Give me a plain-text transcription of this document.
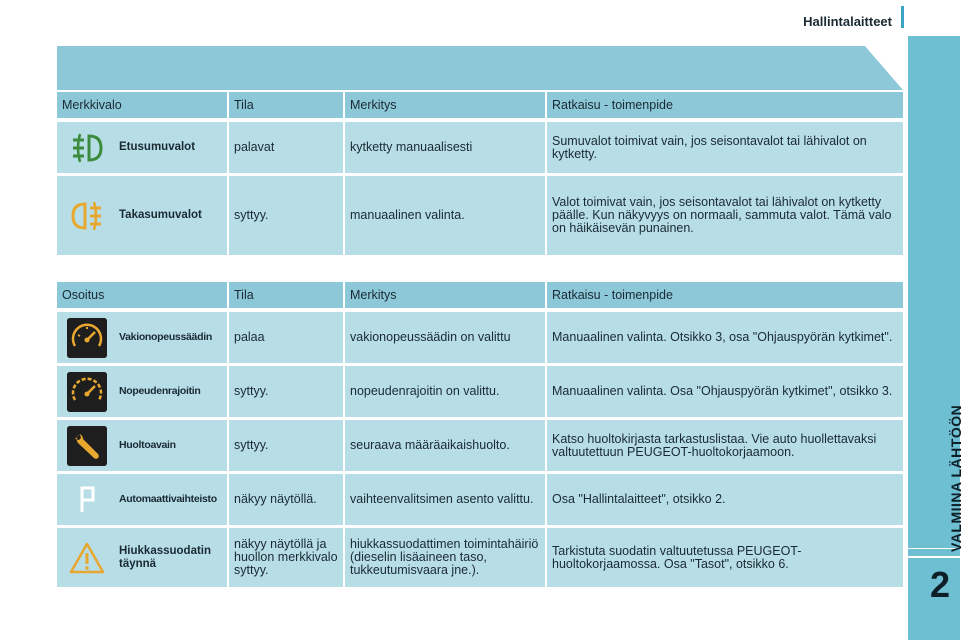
Hallintalaitteet
VALMIINA LÄHTÖÖN
2
Merkkivalo		Tila	Merkitys	Ratkaisu - toimenpide

	Etusumuvalot	palavat	kytketty manuaalisesti	Sumuvalot toimivat vain, jos seisontavalot tai lähivalot on kytketty.
	Takasumuvalot	syttyy.	manuaalinen valinta.	Valot toimivat vain, jos seisontavalot tai lähivalot on kytketty päälle. Kun näkyvyys on normaali, sammuta valot. Tämä valo on häikäisevän punainen.
Osoitus		Tila	Merkitys	Ratkaisu - toimenpide

	Vakionopeussäädin	palaa	vakionopeussäädin on valittu	Manuaalinen valinta. Otsikko 3, osa "Ohjauspyörän kytkimet".
	Nopeudenrajoitin	syttyy.	nopeudenrajoitin on valittu.	Manuaalinen valinta. Osa "Ohjauspyörän kytkimet", otsikko 3.
	Huoltoavain	syttyy.	seuraava määräaikaishuolto.	Katso huoltokirjasta tarkastuslistaa. Vie auto huollettavaksi valtuutettuun PEUGEOT-huoltokorjaamoon.
	Automaattivaihteisto	näkyy näytöllä.	vaihteenvalitsimen asento valittu.	Osa "Hallintalaitteet", otsikko 2.
	Hiukkassuodatin täynnä	näkyy näytöllä ja huollon merkkivalo syttyy.	hiukkassuodattimen toimintahäiriö (dieselin lisäaineen taso, tukkeutumisvaara jne.).	Tarkistuta suodatin valtuutetussa PEUGEOT-huoltokorjaamossa. Osa "Tasot", otsikko 6.
